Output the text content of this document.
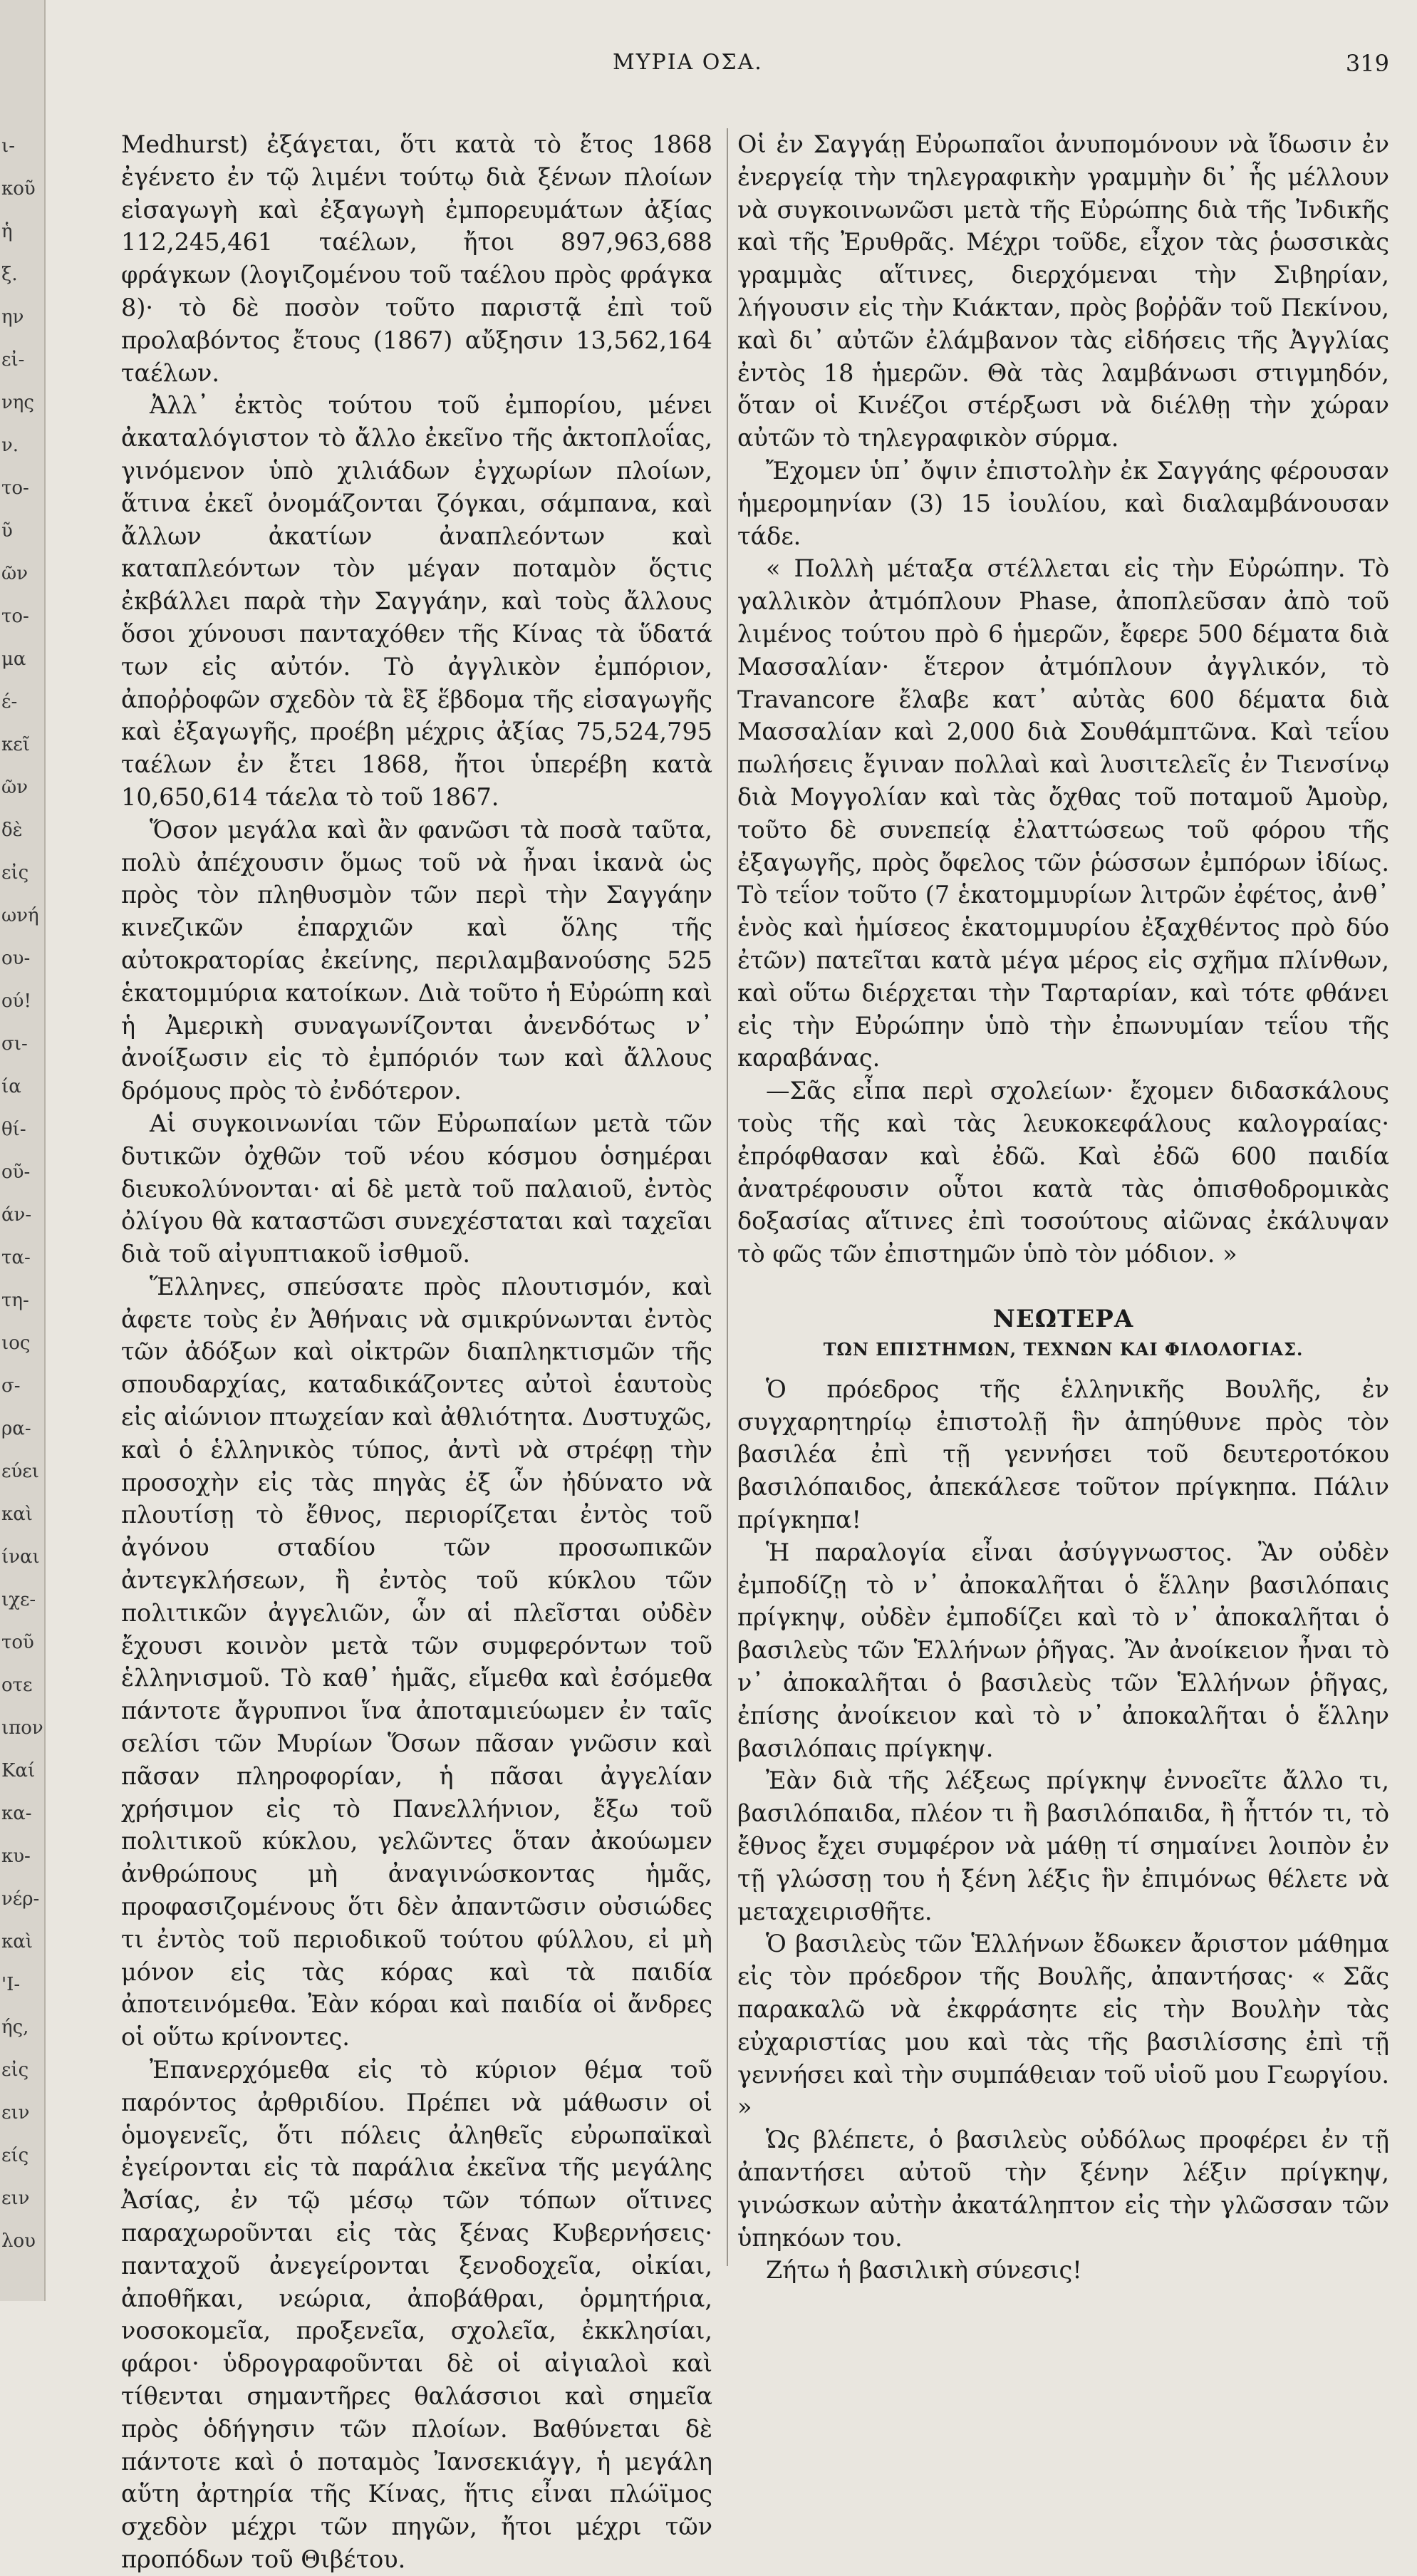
ι-
κοῦ
ἡ
ξ.
ην
εἰ-
νης
ν.
το-
ῦ
ῶν
το-
μα
έ-
κεῖ
ῶν
δὲ
εἰς
ωνή
ου-
ού!
σι-
ία
θί-
οῦ-
άν-
τα-
τη-
ιος
σ-
ρα-
εύει
καὶ
ίναι
ιχε-
τοῦ
οτε
ιπον
Καί
κα-
κυ-
νέρ-
καὶ
'Ι-
ής,
εἰς
ειν
είς
ειν
λου
ΜΥΡΙΑ ΟΣΑ.	319

Medhurst) ἐξάγεται, ὅτι κατὰ τὸ ἔτος 1868 ἐγένετο ἐν τῷ λιμένι τούτῳ διὰ ξένων πλοίων εἰσαγωγὴ καὶ ἐξαγωγὴ ἐμπορευμάτων ἀξίας 112,245,461 ταέλων, ἤτοι 897,963,688 φράγκων (λογιζομένου τοῦ ταέλου πρὸς φράγκα 8)· τὸ δὲ ποσὸν τοῦτο παριστᾷ ἐπὶ τοῦ προλαβόντος ἔτους (1867) αὔξησιν 13,562,164 ταέλων.

Ἀλλ᾽ ἐκτὸς τούτου τοῦ ἐμπορίου, μένει ἀκαταλόγιστον τὸ ἄλλο ἐκεῖνο τῆς ἀκτοπλοΐας, γινόμενον ὑπὸ χιλιάδων ἐγχωρίων πλοίων, ἅτινα ἐκεῖ ὀνομάζονται ζόγκαι, σάμπανα, καὶ ἄλλων ἀκατίων ἀναπλεόντων καὶ καταπλεόντων τὸν μέγαν ποταμὸν ὅςτις ἐκβάλλει παρὰ τὴν Σαγγάην, καὶ τοὺς ἄλλους ὅσοι χύνουσι πανταχόθεν τῆς Κίνας τὰ ὕδατά των εἰς αὐτόν. Τὸ ἀγγλικὸν ἐμπόριον, ἀποῤῥοφῶν σχεδὸν τὰ ἓξ ἕβδομα τῆς εἰσαγωγῆς καὶ ἐξαγωγῆς, προέβη μέχρις ἀξίας 75,524,795 ταέλων ἐν ἔτει 1868, ἤτοι ὑπερέβη κατὰ 10,650,614 τάελα τὸ τοῦ 1867.

Ὅσον μεγάλα καὶ ἂν φανῶσι τὰ ποσὰ ταῦτα, πολὺ ἀπέχουσιν ὅμως τοῦ νὰ ἦναι ἱκανὰ ὡς πρὸς τὸν πληθυσμὸν τῶν περὶ τὴν Σαγγάην κινεζικῶν ἐπαρχιῶν καὶ ὅλης τῆς αὐτοκρατορίας ἐκείνης, περιλαμβανούσης 525 ἑκατομμύρια κατοίκων. Διὰ τοῦτο ἡ Εὐρώπη καὶ ἡ Ἀμερικὴ συναγωνίζονται ἀνενδότως ν᾽ ἀνοίξωσιν εἰς τὸ ἐμπόριόν των καὶ ἄλλους δρόμους πρὸς τὸ ἐνδότερον.

Αἱ συγκοινωνίαι τῶν Εὐρωπαίων μετὰ τῶν δυτικῶν ὀχθῶν τοῦ νέου κόσμου ὁσημέραι διευκολύνονται· αἱ δὲ μετὰ τοῦ παλαιοῦ, ἐντὸς ὀλίγου θὰ καταστῶσι συνεχέσταται καὶ ταχεῖαι διὰ τοῦ αἰγυπτιακοῦ ἰσθμοῦ.

Ἕλληνες, σπεύσατε πρὸς πλουτισμόν, καὶ ἀφετε τοὺς ἐν Ἀθήναις νὰ σμικρύνωνται ἐντὸς τῶν ἀδόξων καὶ οἰκτρῶν διαπληκτισμῶν τῆς σπουδαρχίας, καταδικάζοντες αὐτοὶ ἑαυτοὺς εἰς αἰώνιον πτωχείαν καὶ ἀθλιότητα. Δυστυχῶς, καὶ ὁ ἑλληνικὸς τύπος, ἀντὶ νὰ στρέφῃ τὴν προσοχὴν εἰς τὰς πηγὰς ἐξ ὧν ἠδύνατο νὰ πλουτίσῃ τὸ ἔθνος, περιορίζεται ἐντὸς τοῦ ἀγόνου σταδίου τῶν προσωπικῶν ἀντεγκλήσεων, ἢ ἐντὸς τοῦ κύκλου τῶν πολιτικῶν ἀγγελιῶν, ὧν αἱ πλεῖσται οὐδὲν ἔχουσι κοινὸν μετὰ τῶν συμφερόντων τοῦ ἑλληνισμοῦ. Τὸ καθ᾽ ἡμᾶς, εἴμεθα καὶ ἐσόμεθα πάντοτε ἄγρυπνοι ἵνα ἀποταμιεύωμεν ἐν ταῖς σελίσι τῶν Μυρίων Ὅσων πᾶσαν γνῶσιν καὶ πᾶσαν πληροφορίαν, ἡ πᾶσαι ἀγγελίαν χρήσιμον εἰς τὸ Πανελλήνιον, ἔξω τοῦ πολιτικοῦ κύκλου, γελῶντες ὅταν ἀκούωμεν ἀνθρώπους μὴ ἀναγινώσκοντας ἡμᾶς, προφασιζομένους ὅτι δὲν ἀπαντῶσιν οὐσιώδες τι ἐντὸς τοῦ περιοδικοῦ τούτου φύλλου, εἰ μὴ μόνον εἰς τὰς κόρας καὶ τὰ παιδία ἀποτεινόμεθα. Ἐὰν κόραι καὶ παιδία οἱ ἄνδρες οἱ οὕτω κρίνοντες.

Ἐπανερχόμεθα εἰς τὸ κύριον θέμα τοῦ παρόντος ἀρθριδίου. Πρέπει νὰ μάθωσιν οἱ ὁμογενεῖς, ὅτι πόλεις ἀληθεῖς εὐρωπαϊκαὶ ἐγείρονται εἰς τὰ παράλια ἐκεῖνα τῆς μεγάλης Ἀσίας, ἐν τῷ μέσῳ τῶν τόπων οἵτινες παραχωροῦνται εἰς τὰς ξένας Κυβερνήσεις· πανταχοῦ ἀνεγείρονται ξενοδοχεῖα, οἰκίαι, ἀποθῆκαι, νεώρια, ἀποβάθραι, ὁρμητήρια, νοσοκομεῖα, προξενεῖα, σχολεῖα, ἐκκλησίαι, φάροι· ὑδρογραφοῦνται δὲ οἱ αἰγιαλοὶ καὶ τίθενται σημαντῆρες θαλάσσιοι καὶ σημεῖα πρὸς ὁδήγησιν τῶν πλοίων. Βαθύνεται δὲ πάντοτε καὶ ὁ ποταμὸς Ἰανσεκιάγγ, ἡ μεγάλη αὕτη ἀρτηρία τῆς Κίνας, ἥτις εἶναι πλώϊμος σχεδὸν μέχρι τῶν πηγῶν, ἤτοι μέχρι τῶν προπόδων τοῦ Θιβέτου.

Οἱ ἐν Σαγγάῃ Εὐρωπαῖοι ἀνυπομόνουν νὰ ἴδωσιν ἐν ἐνεργείᾳ τὴν τηλεγραφικὴν γραμμὴν δι᾽ ἧς μέλλουν νὰ συγκοινωνῶσι μετὰ τῆς Εὐρώπης διὰ τῆς Ἰνδικῆς καὶ τῆς Ἐρυθρᾶς. Μέχρι τοῦδε, εἶχον τὰς ῥωσσικὰς γραμμὰς αἵτινες, διερχόμεναι τὴν Σιβηρίαν, λήγουσιν εἰς τὴν Κιάκταν, πρὸς βοῤῥᾶν τοῦ Πεκίνου, καὶ δι᾽ αὐτῶν ἐλάμβανον τὰς εἰδήσεις τῆς Ἀγγλίας ἐντὸς 18 ἡμερῶν. Θὰ τὰς λαμβάνωσι στιγμηδόν, ὅταν οἱ Κινέζοι στέρξωσι νὰ διέλθῃ τὴν χώραν αὐτῶν τὸ τηλεγραφικὸν σύρμα.

Ἔχομεν ὑπ᾽ ὄψιν ἐπιστολὴν ἐκ Σαγγάης φέρουσαν ἡμερομηνίαν (3) 15 ἰουλίου, καὶ διαλαμβάνουσαν τάδε.

« Πολλὴ μέταξα στέλλεται εἰς τὴν Εὐρώπην. Τὸ γαλλικὸν ἀτμόπλουν Phase, ἀποπλεῦσαν ἀπὸ τοῦ λιμένος τούτου πρὸ 6 ἡμερῶν, ἔφερε 500 δέματα διὰ Μασσαλίαν· ἕτερον ἀτμόπλουν ἀγγλικόν, τὸ Travancore ἔλαβε κατ᾽ αὐτὰς 600 δέματα διὰ Μασσαλίαν καὶ 2,000 διὰ Σουθάμπτῶνα. Καὶ τεΐου πωλήσεις ἔγιναν πολλαὶ καὶ λυσιτελεῖς ἐν Τιενσίνῳ διὰ Μογγολίαν καὶ τὰς ὄχθας τοῦ ποταμοῦ Ἀμοὺρ, τοῦτο δὲ συνεπείᾳ ἐλαττώσεως τοῦ φόρου τῆς ἐξαγωγῆς, πρὸς ὄφελος τῶν ῥώσσων ἐμπόρων ἰδίως. Τὸ τεΐον τοῦτο (7 ἑκατομμυρίων λιτρῶν ἐφέτος, ἀνθ᾽ ἑνὸς καὶ ἡμίσεος ἑκατομμυρίου ἐξαχθέντος πρὸ δύο ἐτῶν) πατεῖται κατὰ μέγα μέρος εἰς σχῆμα πλίνθων, καὶ οὕτω διέρχεται τὴν Ταρταρίαν, καὶ τότε φθάνει εἰς τὴν Εὐρώπην ὑπὸ τὴν ἐπωνυμίαν τεΐου τῆς καραβάνας.

—Σᾶς εἶπα περὶ σχολείων· ἔχομεν διδασκάλους τοὺς τῆς καὶ τὰς λευκοκεφάλους καλογραίας· ἐπρόφθασαν καὶ ἐδῶ. Καὶ ἐδῶ 600 παιδία ἀνατρέφουσιν οὗτοι κατὰ τὰς ὀπισθοδρομικὰς δοξασίας αἵτινες ἐπὶ τοσούτους αἰῶνας ἐκάλυψαν τὸ φῶς τῶν ἐπιστημῶν ὑπὸ τὸν μόδιον. »

ΝΕΩΤΕΡΑ
ΤΩΝ ΕΠΙΣΤΗΜΩΝ, ΤΕΧΝΩΝ ΚΑΙ ΦΙΛΟΛΟΓΙΑΣ.

Ὁ πρόεδρος τῆς ἑλληνικῆς Βουλῆς, ἐν συγχαρητηρίῳ ἐπιστολῇ ἣν ἀπηύθυνε πρὸς τὸν βασιλέα ἐπὶ τῇ γεννήσει τοῦ δευτεροτόκου βασιλόπαιδος, ἀπεκάλεσε τοῦτον πρίγκηπα. Πάλιν πρίγκηπα!

Ἡ παραλογία εἶναι ἀσύγγνωστος. Ἂν οὐδὲν ἐμποδίζῃ τὸ ν᾽ ἀποκαλῆται ὁ ἕλλην βασιλόπαις πρίγκηψ, οὐδὲν ἐμποδίζει καὶ τὸ ν᾽ ἀποκαλῆται ὁ βασιλεὺς τῶν Ἑλλήνων ῥῆγας. Ἂν ἀνοίκειον ἦναι τὸ ν᾽ ἀποκαλῆται ὁ βασιλεὺς τῶν Ἑλλήνων ῥῆγας, ἐπίσης ἀνοίκειον καὶ τὸ ν᾽ ἀποκαλῆται ὁ ἕλλην βασιλόπαις πρίγκηψ.

Ἐὰν διὰ τῆς λέξεως πρίγκηψ ἐννοεῖτε ἄλλο τι, βασιλόπαιδα, πλέον τι ἢ βασιλόπαιδα, ἢ ἧττόν τι, τὸ ἔθνος ἔχει συμφέρον νὰ μάθῃ τί σημαίνει λοιπὸν ἐν τῇ γλώσσῃ του ἡ ξένη λέξις ἣν ἐπιμόνως θέλετε νὰ μεταχειρισθῆτε.

Ὁ βασιλεὺς τῶν Ἑλλήνων ἔδωκεν ἄριστον μάθημα εἰς τὸν πρόεδρον τῆς Βουλῆς, ἀπαντήσας· « Σᾶς παρακαλῶ νὰ ἐκφράσητε εἰς τὴν Βουλὴν τὰς εὐχαριστίας μου καὶ τὰς τῆς βασιλίσσης ἐπὶ τῇ γεννήσει καὶ τὴν συμπάθειαν τοῦ υἱοῦ μου Γεωργίου. »

Ὡς βλέπετε, ὁ βασιλεὺς οὐδόλως προφέρει ἐν τῇ ἀπαντήσει αὐτοῦ τὴν ξένην λέξιν πρίγκηψ, γινώσκων αὐτὴν ἀκατάληπτον εἰς τὴν γλῶσσαν τῶν ὑπηκόων του.

Ζήτω ἡ βασιλικὴ σύνεσις!
